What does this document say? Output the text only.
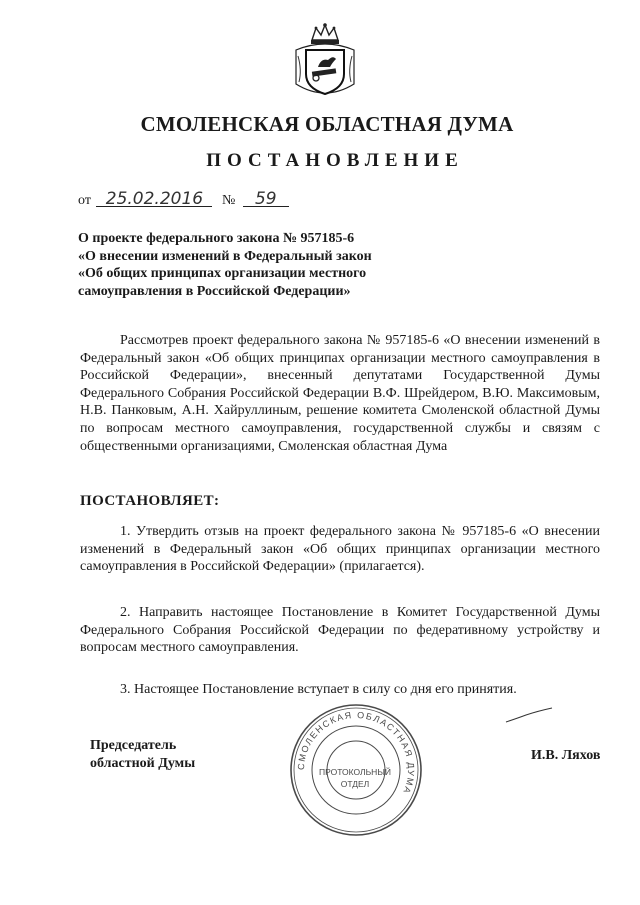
СМОЛЕНСКАЯ ОБЛАСТНАЯ ДУМА
ПОСТАНОВЛЕНИЕ
от 25.02.2016 № 59
О проекте федерального закона № 957185-6
«О внесении изменений в Федеральный закон
«Об общих принципах организации местного
самоуправления в Российской Федерации»

Рассмотрев проект федерального закона № 957185-6 «О внесении изменений в Федеральный закон «Об общих принципах организации местного самоуправления в Российской Федерации», внесенный депутатами Государственной Думы Федерального Собрания Российской Федерации В.Ф. Шрейдером, В.Ю. Максимовым, Н.В. Панковым, А.Н. Хайруллиным, решение комитета Смоленской областной Думы по вопросам местного самоуправления, государственной службы и связям с общественными организациями, Смоленская областная Дума

ПОСТАНОВЛЯЕТ:

1. Утвердить отзыв на проект федерального закона № 957185-6 «О внесении изменений в Федеральный закон «Об общих принципах организации местного самоуправления в Российской Федерации» (прилагается).

2. Направить настоящее Постановление в Комитет Государственной Думы Федерального Собрания Российской Федерации по федеративному устройству и вопросам местного самоуправления.

3. Настоящее Постановление вступает в силу со дня его принятия.

Председатель
областной Думы
И.В. Ляхов
СМОЛЕНСКАЯ ОБЛАСТНАЯ ДУМА
ПРОТОКОЛЬНЫЙ
ОТДЕЛ
